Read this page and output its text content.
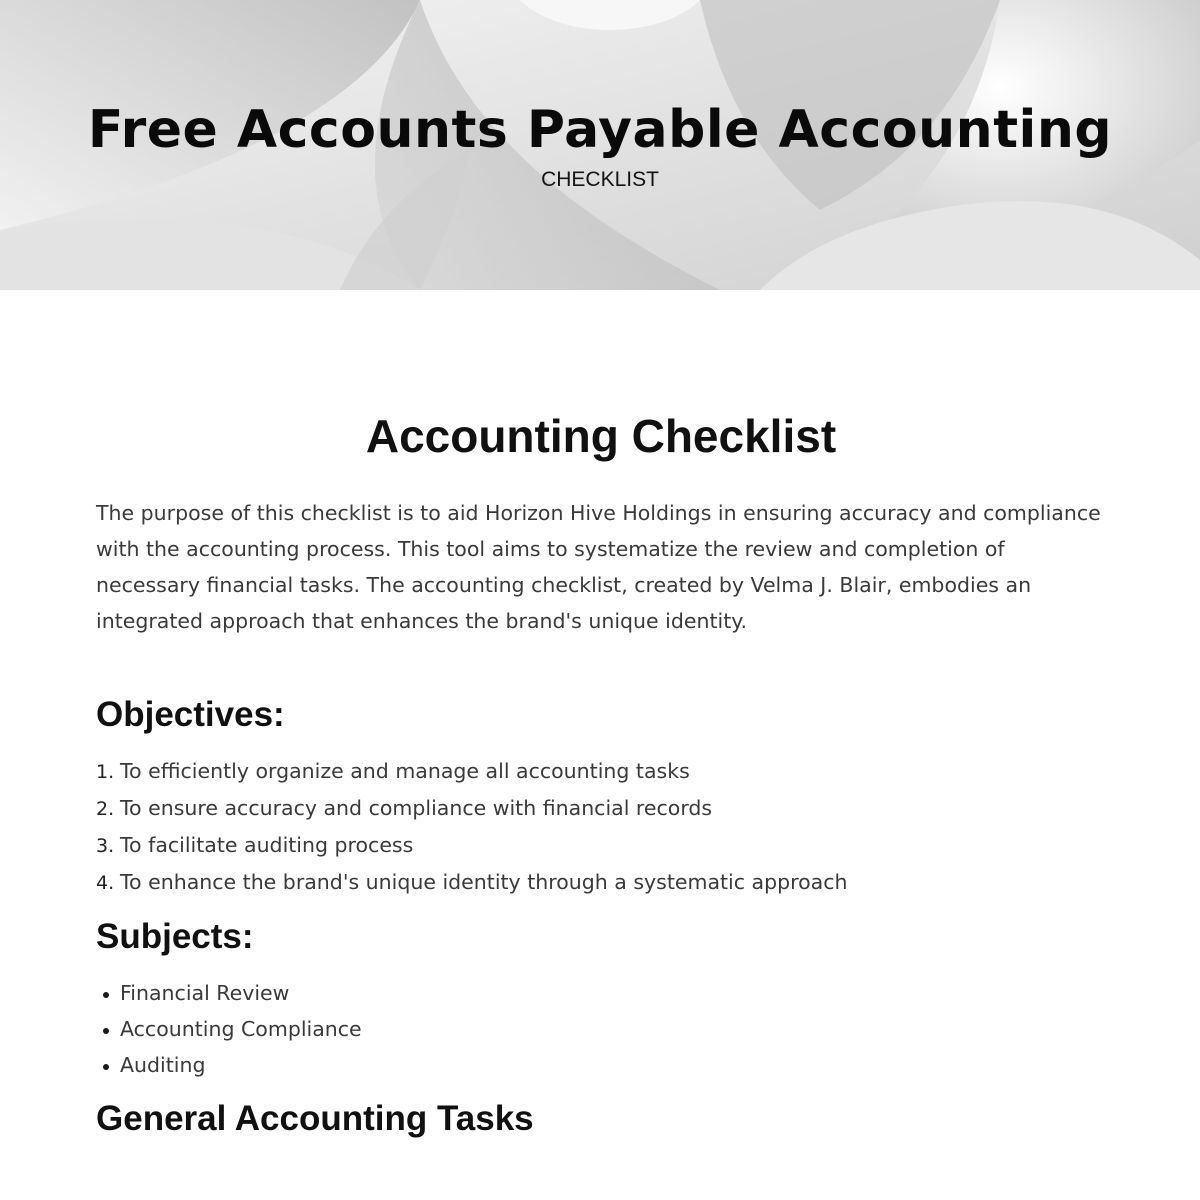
Free Accounts Payable Accounting
CHECKLIST
Accounting Checklist

The purpose of this checklist is to aid Horizon Hive Holdings in ensuring accuracy and compliance with the accounting process. This tool aims to systematize the review and completion of necessary financial tasks. The accounting checklist, created by Velma J. Blair, embodies an integrated approach that enhances the brand's unique identity.

Objectives:
1. To efficiently organize and manage all accounting tasks
2. To ensure accuracy and compliance with financial records
3. To facilitate auditing process
4. To enhance the brand's unique identity through a systematic approach
Subjects:
Financial Review
Accounting Compliance
Auditing
General Accounting Tasks
